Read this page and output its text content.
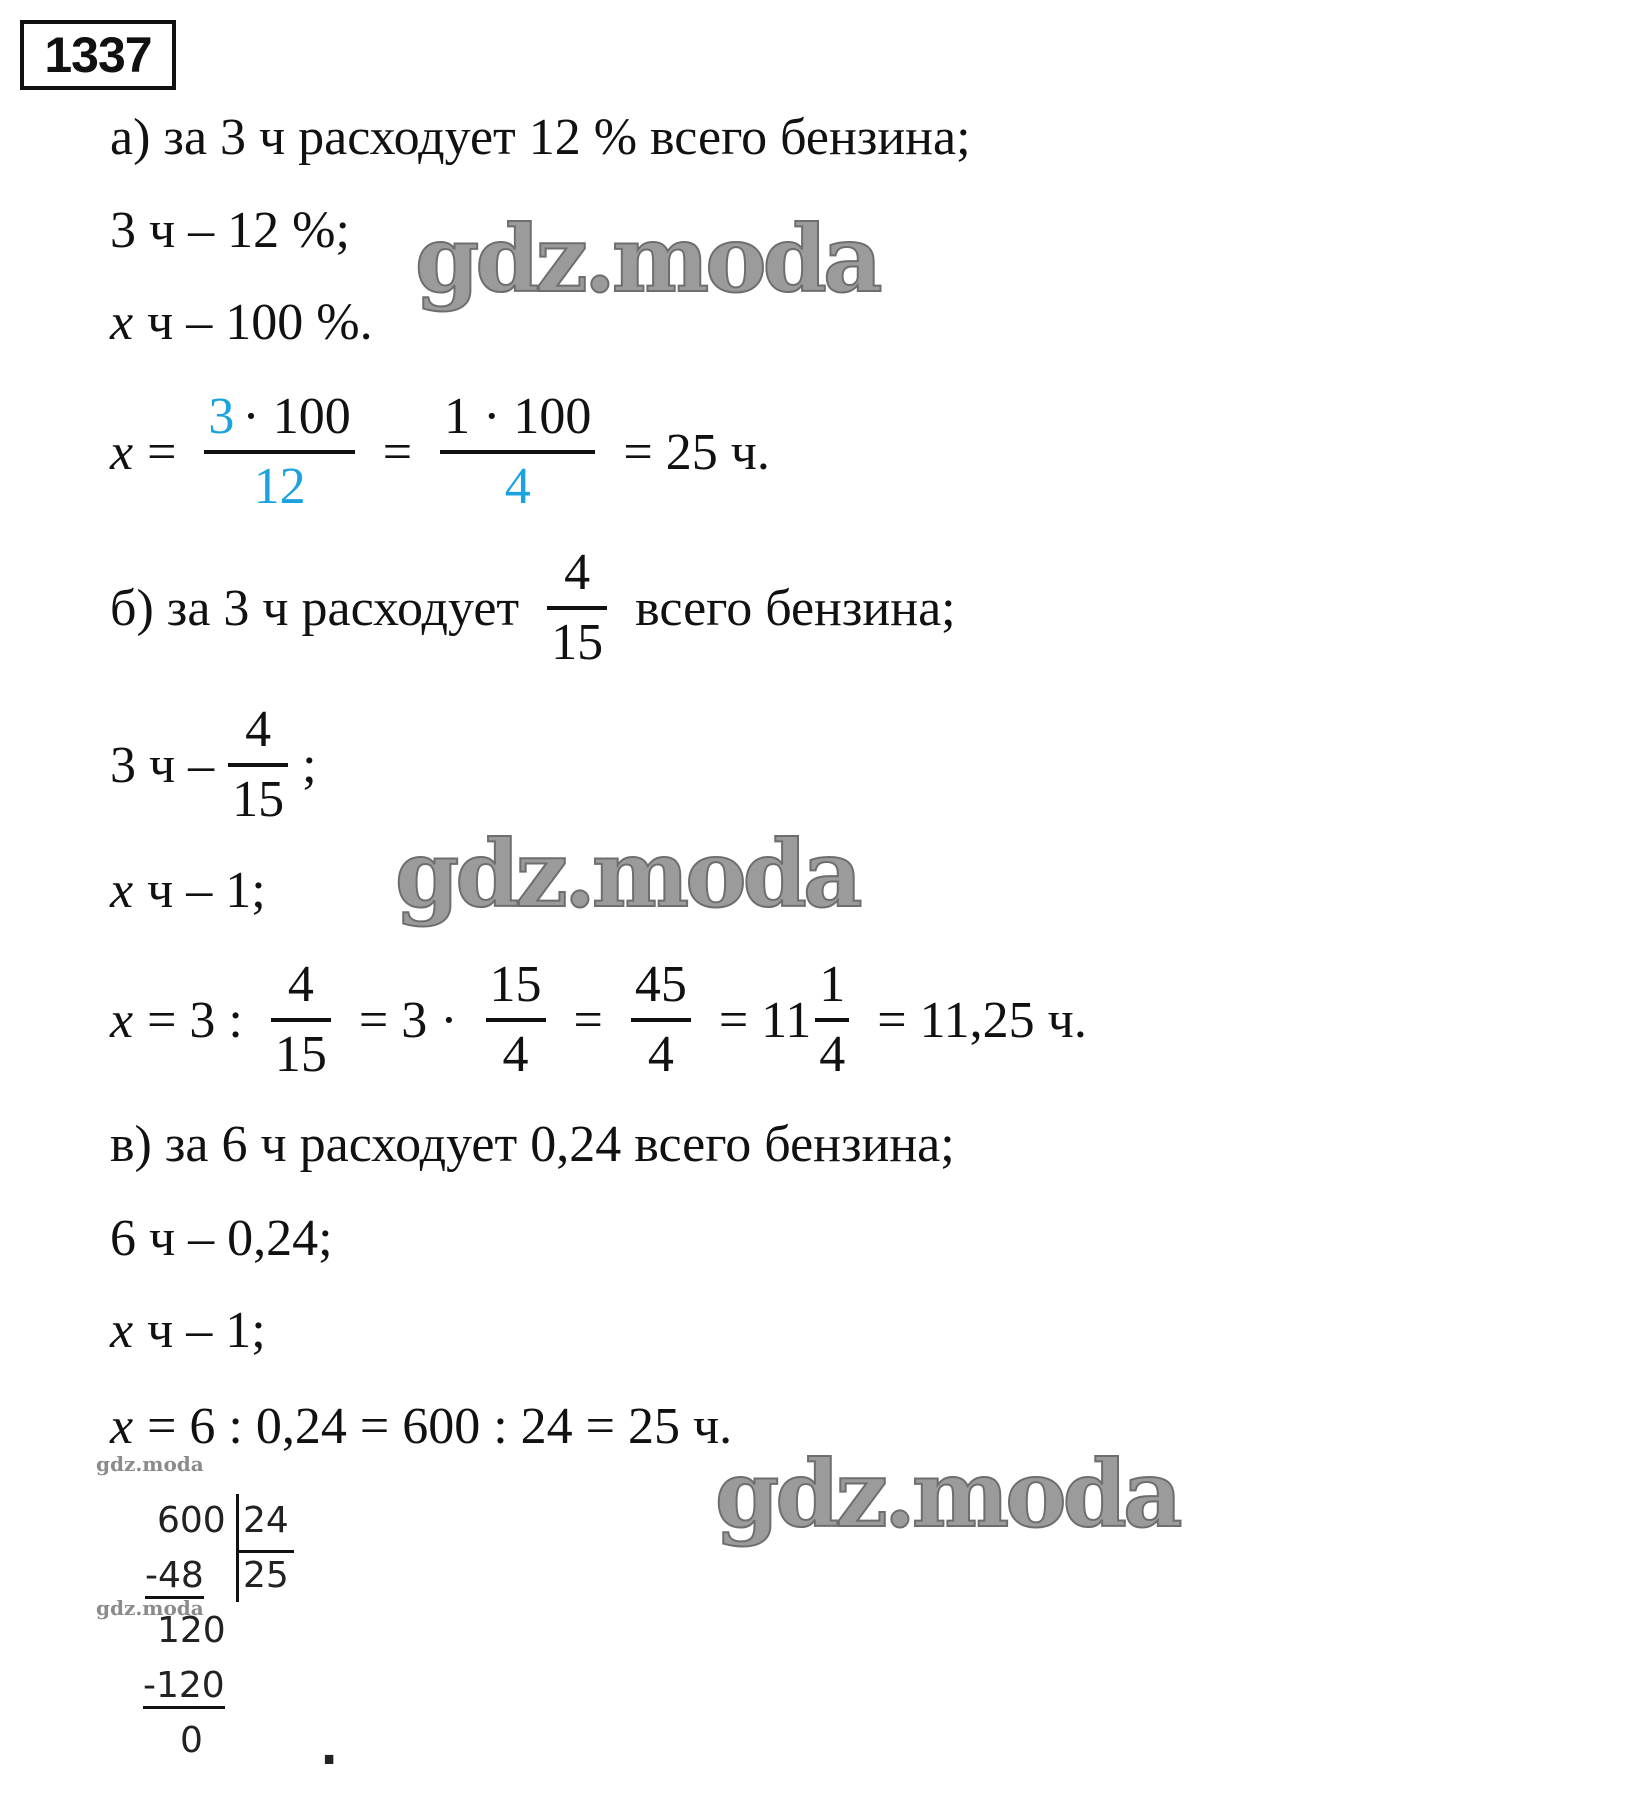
1337
а) за 3 ч расходует 12 % всего бензина;
3 ч – 12 %;
x ч – 100 %.
$x = \frac{3 \cdot 100}{12} = \frac{1 \cdot 100}{4} = 25$ ч.
б) за 3 ч расходует $\frac{4}{15}$ всего бензина;
3 ч – $\frac{4}{15}$ ;
x ч – 1;
x = 3 : $\frac{4}{15} = 3 \cdot \frac{15}{4} = \frac{45}{4} = 11 \frac{1}{4} = 11,25$ ч.
в) за 6 ч расходует 0,24 всего бензина;
6 ч – 0,24;
x ч – 1;
x = 6 : 0,24 = 600 : 24 = 25 ч.
600 24
25
-48
120
-120
0 .
gdz.moda
gdz.moda
gdz.moda
gdz.moda
gdz.moda
